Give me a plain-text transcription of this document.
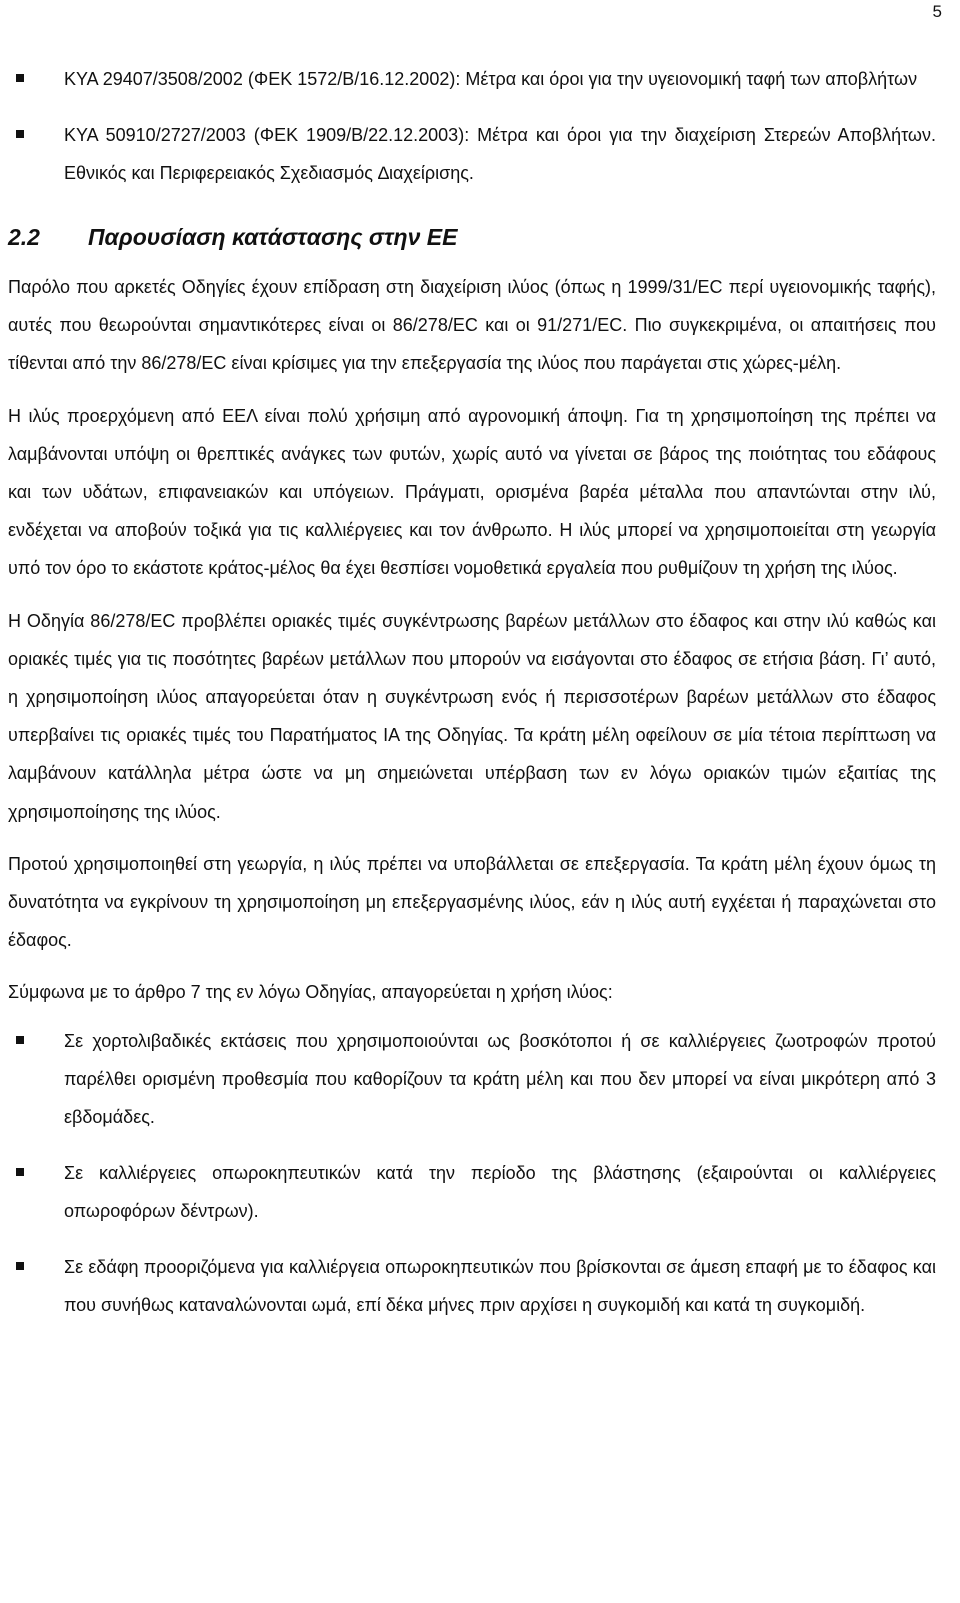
5
ΚΥΑ 29407/3508/2002 (ΦΕΚ 1572/Β/16.12.2002): Μέτρα και όροι για την υγειονομική ταφή των αποβλήτων
ΚΥΑ 50910/2727/2003 (ΦΕΚ 1909/Β/22.12.2003): Μέτρα και όροι για την διαχείριση Στερεών Αποβλήτων. Εθνικός και Περιφερειακός Σχεδιασμός ∆ιαχείρισης.
2.2 Παρουσίαση κατάστασης στην ΕΕ

Παρόλο που αρκετές Οδηγίες έχουν επίδραση στη διαχείριση ιλύος (όπως η 1999/31/ΕC περί υγειονομικής ταφής), αυτές που θεωρούνται σημαντικότερες είναι οι 86/278/ΕC και οι 91/271/ΕC. Πιο συγκεκριμένα, οι απαιτήσεις που τίθενται από την 86/278/ΕC είναι κρίσιμες για την επεξεργασία της ιλύος που παράγεται στις χώρες-μέλη.

Η ιλύς προερχόμενη από ΕΕΛ είναι πολύ χρήσιμη από αγρονομική άποψη. Για τη χρησιμοποίηση της πρέπει να λαμβάνονται υπόψη οι θρεπτικές ανάγκες των φυτών, χωρίς αυτό να γίνεται σε βάρος της ποιότητας του εδάφους και των υδάτων, επιφανειακών και υπόγειων. Πράγματι, ορισμένα βαρέα μέταλλα που απαντώνται στην ιλύ, ενδέχεται να αποβούν τοξικά για τις καλλιέργειες και τον άνθρωπο. Η ιλύς μπορεί να χρησιμοποιείται στη γεωργία υπό τον όρο το εκάστοτε κράτος-μέλος θα έχει θεσπίσει νομοθετικά εργαλεία που ρυθμίζουν τη χρήση της ιλύος.

Η Οδηγία 86/278/ΕC προβλέπει οριακές τιμές συγκέντρωσης βαρέων μετάλλων στο έδαφος και στην ιλύ καθώς και οριακές τιμές για τις ποσότητες βαρέων μετάλλων που μπορούν να εισάγονται στο έδαφος σε ετήσια βάση. Γι’ αυτό, η χρησιμοποίηση ιλύος απαγορεύεται όταν η συγκέντρωση ενός ή περισσοτέρων βαρέων μετάλλων στο έδαφος υπερβαίνει τις οριακές τιμές του Παρατήματος ΙΑ της Οδηγίας. Τα κράτη μέλη οφείλουν σε μία τέτοια περίπτωση να λαμβάνουν κατάλληλα μέτρα ώστε να μη σημειώνεται υπέρβαση των εν λόγω οριακών τιμών εξαιτίας της χρησιμοποίησης της ιλύος.

Προτού χρησιμοποιηθεί στη γεωργία, η ιλύς πρέπει να υποβάλλεται σε επεξεργασία. Τα κράτη μέλη έχουν όμως τη δυνατότητα να εγκρίνουν τη χρησιμοποίηση μη επεξεργασμένης ιλύος, εάν η ιλύς αυτή εγχέεται ή παραχώνεται στο έδαφος.

Σύμφωνα με το άρθρο 7 της εν λόγω Οδηγίας, απαγορεύεται η χρήση ιλύος:

Σε χορτολιβαδικές εκτάσεις που χρησιμοποιούνται ως βοσκότοποι ή σε καλλιέργειες ζωοτροφών προτού παρέλθει ορισμένη προθεσμία που καθορίζουν τα κράτη μέλη και που δεν μπορεί να είναι μικρότερη από 3 εβδομάδες.
Σε καλλιέργειες οπωροκηπευτικών κατά την περίοδο της βλάστησης (εξαιρούνται οι καλλιέργειες οπωροφόρων δέντρων).
Σε εδάφη προοριζόμενα για καλλιέργεια οπωροκηπευτικών που βρίσκονται σε άμεση επαφή με το έδαφος και που συνήθως καταναλώνονται ωμά, επί δέκα μήνες πριν αρχίσει η συγκομιδή και κατά τη συγκομιδή.
